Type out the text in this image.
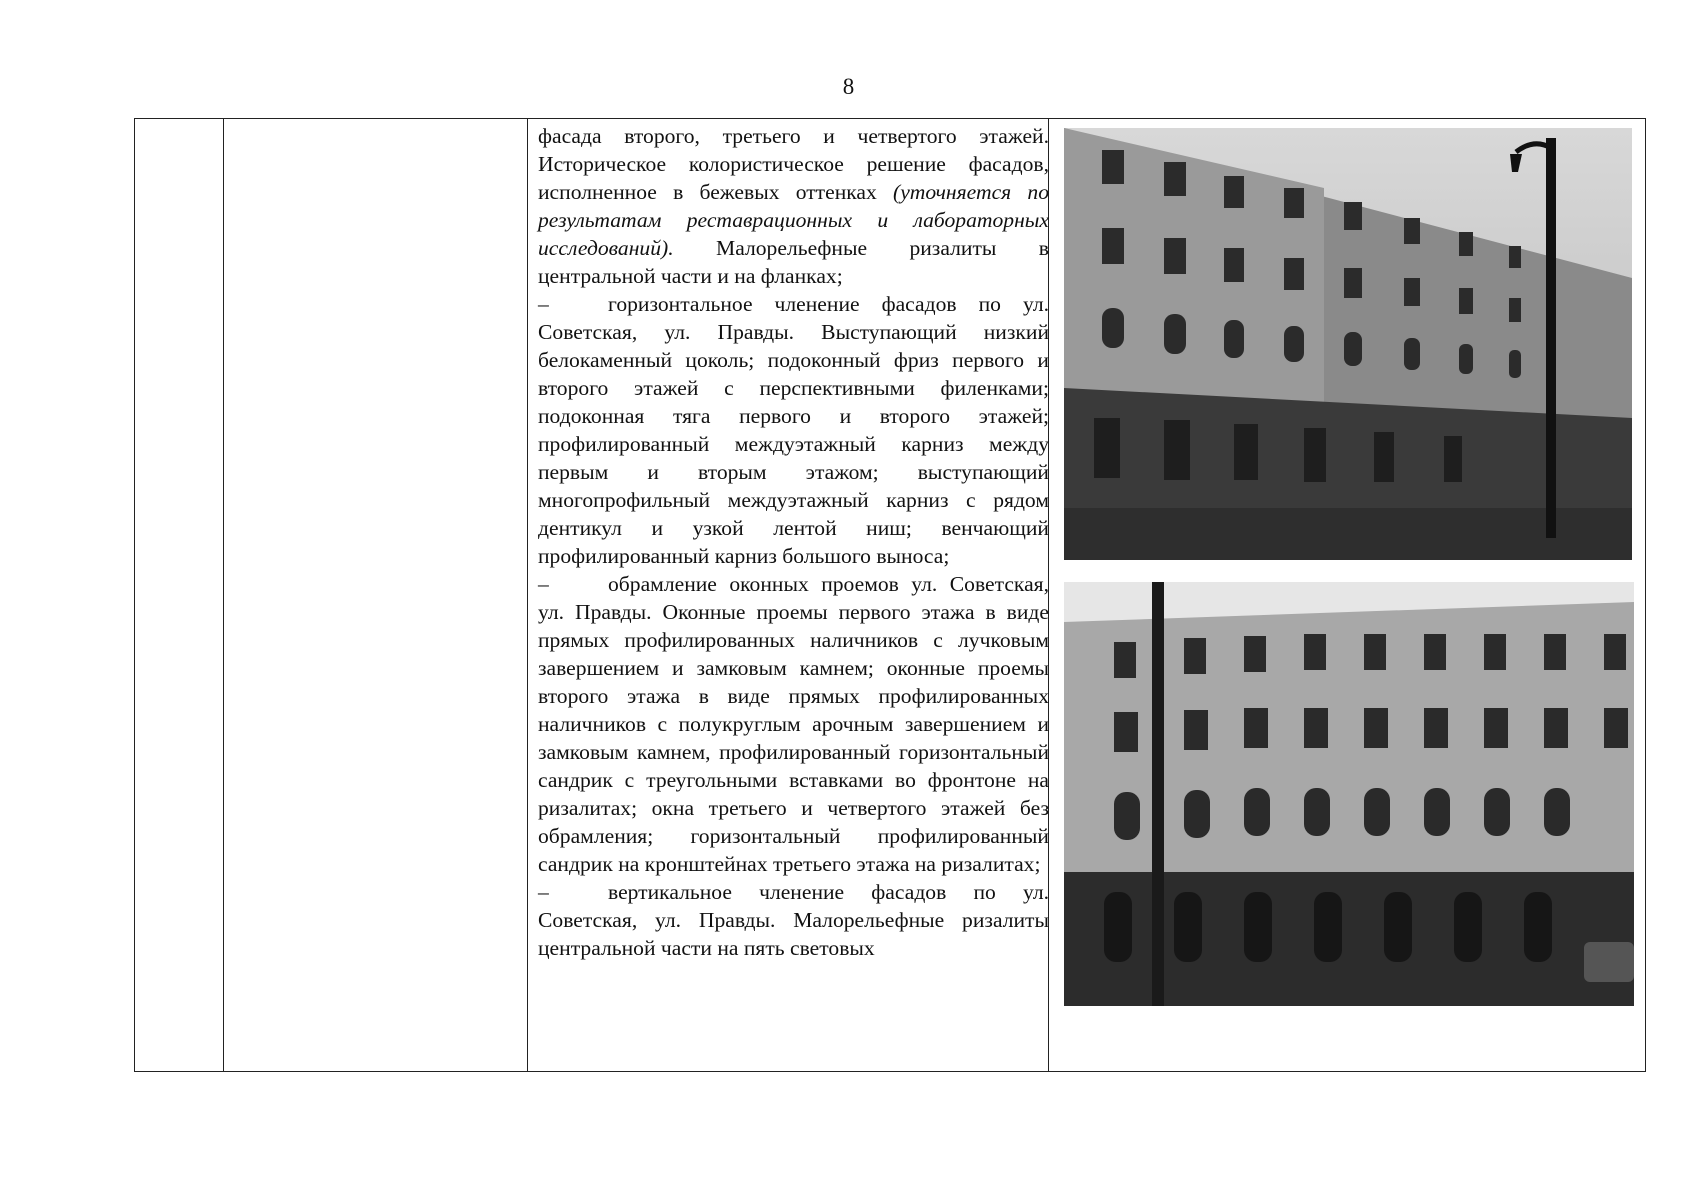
8

фасада второго, третьего и четвертого этажей. Историческое колористическое решение фасадов, исполненное в бежевых оттенках (уточняется по результатам реставрационных и лабораторных исследований). Малорельефные ризалиты в центральной части и на фланках;

–	горизонтальное членение фасадов по ул. Советская, ул. Правды. Выступающий низкий белокаменный цоколь; подоконный фриз первого и второго этажей с перспективными филенками; подоконная тяга первого и второго этажей; профилированный междуэтажный карниз между первым и вторым этажом; выступающий многопрофильный междуэтажный карниз с рядом дентикул и узкой лентой ниш; венчающий профилированный карниз большого выноса;

–	обрамление оконных проемов ул. Советская, ул. Правды. Оконные проемы первого этажа в виде прямых профилированных наличников с лучковым завершением и замковым камнем; оконные проемы второго этажа в виде прямых профилированных наличников с полукруглым арочным завершением и замковым камнем, профилированный горизонтальный сандрик с треугольными вставками во фронтоне на ризалитах; окна третьего и четвертого этажей без обрамления; горизонтальный профилированный сандрик на кронштейнах третьего этажа на ризалитах;

–	вертикальное членение фасадов по ул. Советская, ул. Правды. Малорельефные ризалиты центральной части на пять световых
